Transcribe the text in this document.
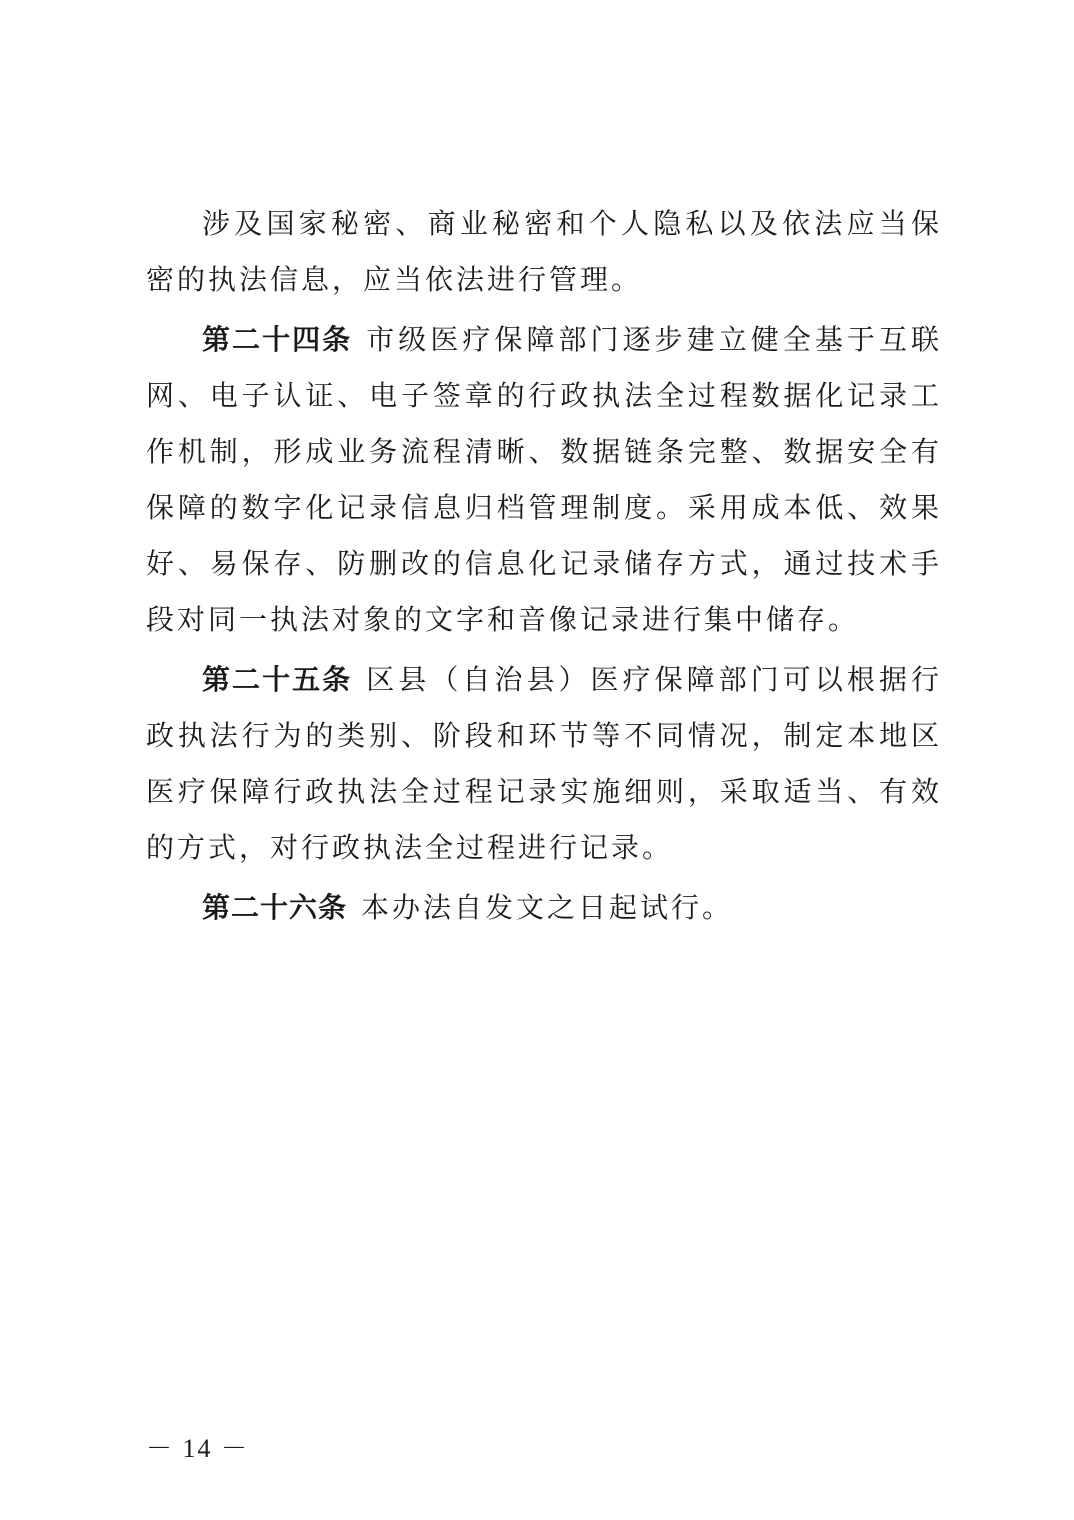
涉及国家秘密、商业秘密和个人隐私以及依法应当保密的执法信息，应当依法进行管理。

第二十四条 市级医疗保障部门逐步建立健全基于互联网、电子认证、电子签章的行政执法全过程数据化记录工作机制，形成业务流程清晰、数据链条完整、数据安全有保障的数字化记录信息归档管理制度。采用成本低、效果好、易保存、防删改的信息化记录储存方式，通过技术手段对同一执法对象的文字和音像记录进行集中储存。

第二十五条 区县（自治县）医疗保障部门可以根据行政执法行为的类别、阶段和环节等不同情况，制定本地区医疗保障行政执法全过程记录实施细则，采取适当、有效的方式，对行政执法全过程进行记录。

第二十六条 本办法自发文之日起试行。

－ 14 －
